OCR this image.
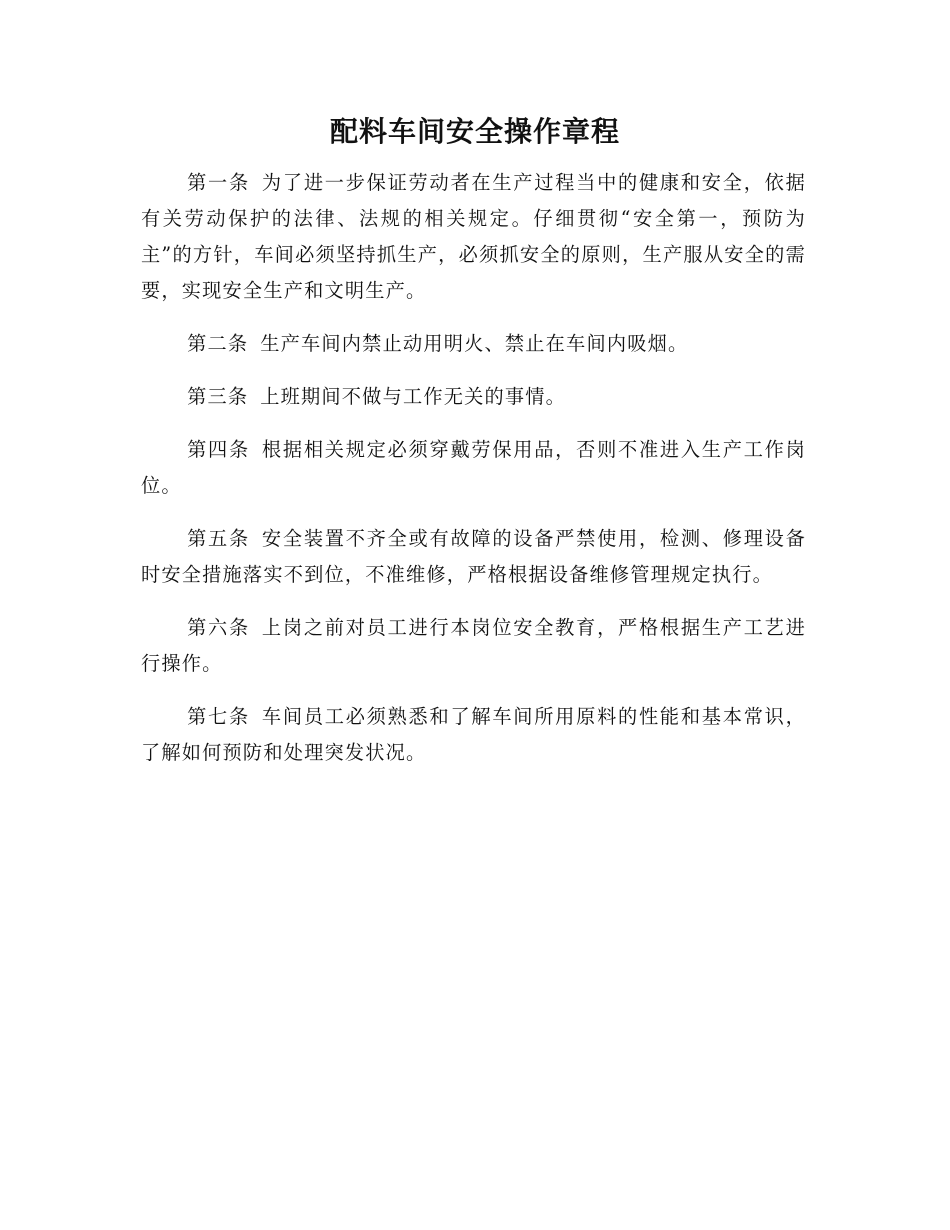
配料车间安全操作章程

第一条 为了进一步保证劳动者在生产过程当中的健康和安全，依据有关劳动保护的法律、法规的相关规定。仔细贯彻“安全第一，预防为主”的方针，车间必须坚持抓生产，必须抓安全的原则，生产服从安全的需要，实现安全生产和文明生产。

第二条 生产车间内禁止动用明火、禁止在车间内吸烟。

第三条 上班期间不做与工作无关的事情。

第四条 根据相关规定必须穿戴劳保用品，否则不准进入生产工作岗位。

第五条 安全装置不齐全或有故障的设备严禁使用，检测、修理设备时安全措施落实不到位，不准维修，严格根据设备维修管理规定执行。

第六条 上岗之前对员工进行本岗位安全教育，严格根据生产工艺进行操作。

第七条 车间员工必须熟悉和了解车间所用原料的性能和基本常识，了解如何预防和处理突发状况。
